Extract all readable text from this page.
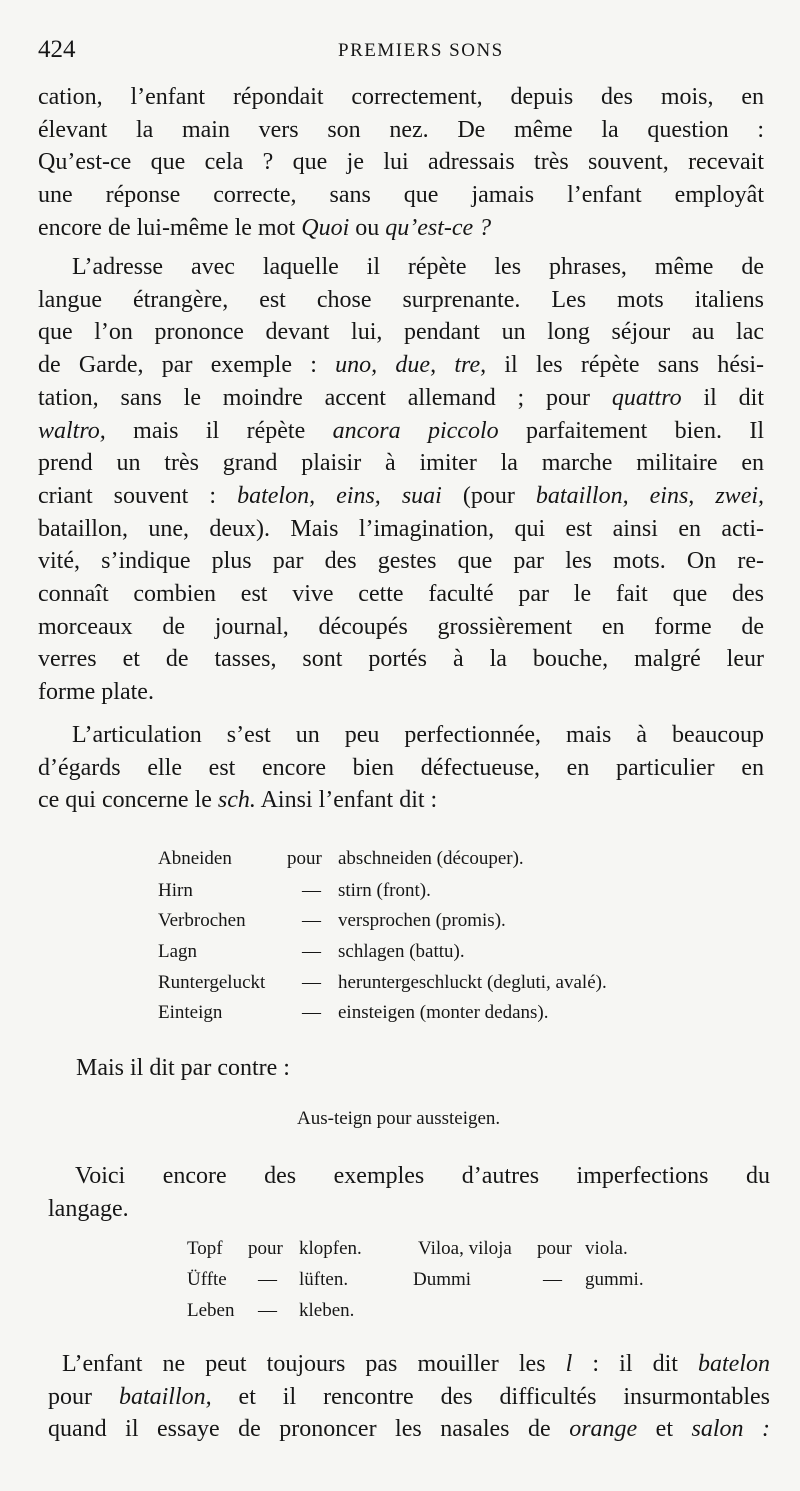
424	PREMIERS SONS
cation, l’enfant répondait correctement, depuis des mois, en
élevant la main vers son nez. De même la question :
Qu’est-ce que cela ? que je lui adressais très souvent, recevait
une réponse correcte, sans que jamais l’enfant employât
encore de lui-même le mot Quoi ou qu’est-ce ?
L’adresse avec laquelle il répète les phrases, même de
langue étrangère, est chose surprenante. Les mots italiens
que l’on prononce devant lui, pendant un long séjour au lac
de Garde, par exemple : uno, due, tre, il les répète sans hési-
tation, sans le moindre accent allemand ; pour quattro il dit
waltro, mais il répète ancora piccolo parfaitement bien. Il
prend un très grand plaisir à imiter la marche militaire en
criant souvent : batelon, eins, suai (pour bataillon, eins, zwei,
bataillon, une, deux). Mais l’imagination, qui est ainsi en acti-
vité, s’indique plus par des gestes que par les mots. On re-
connaît combien est vive cette faculté par le fait que des
morceaux de journal, découpés grossièrement en forme de
verres et de tasses, sont portés à la bouche, malgré leur
forme plate.
L’articulation s’est un peu perfectionnée, mais à beaucoup
d’égards elle est encore bien défectueuse, en particulier en
ce qui concerne le sch. Ainsi l’enfant dit :
Abneiden	pour abschneiden (découper).
Hirn	— stirn (front).
Verbrochen	— versprochen (promis).
Lagn	— schlagen (battu).
Runtergeluckt — heruntergeschluckt (degluti, avalé).
Einteign	— einsteigen (monter dedans).
Mais il dit par contre :
Aus-teign pour aussteigen.
Voici encore des exemples d’autres imperfections du
langage.
Topf pour klopfen.	Viloa, viloja pour viola.
Üffte — lüften.	Dummi	— gummi.
Leben — kleben.
L’enfant ne peut toujours pas mouiller les l : il dit batelon
pour bataillon, et il rencontre des difficultés insurmontables
quand il essaye de prononcer les nasales de orange et salon :
